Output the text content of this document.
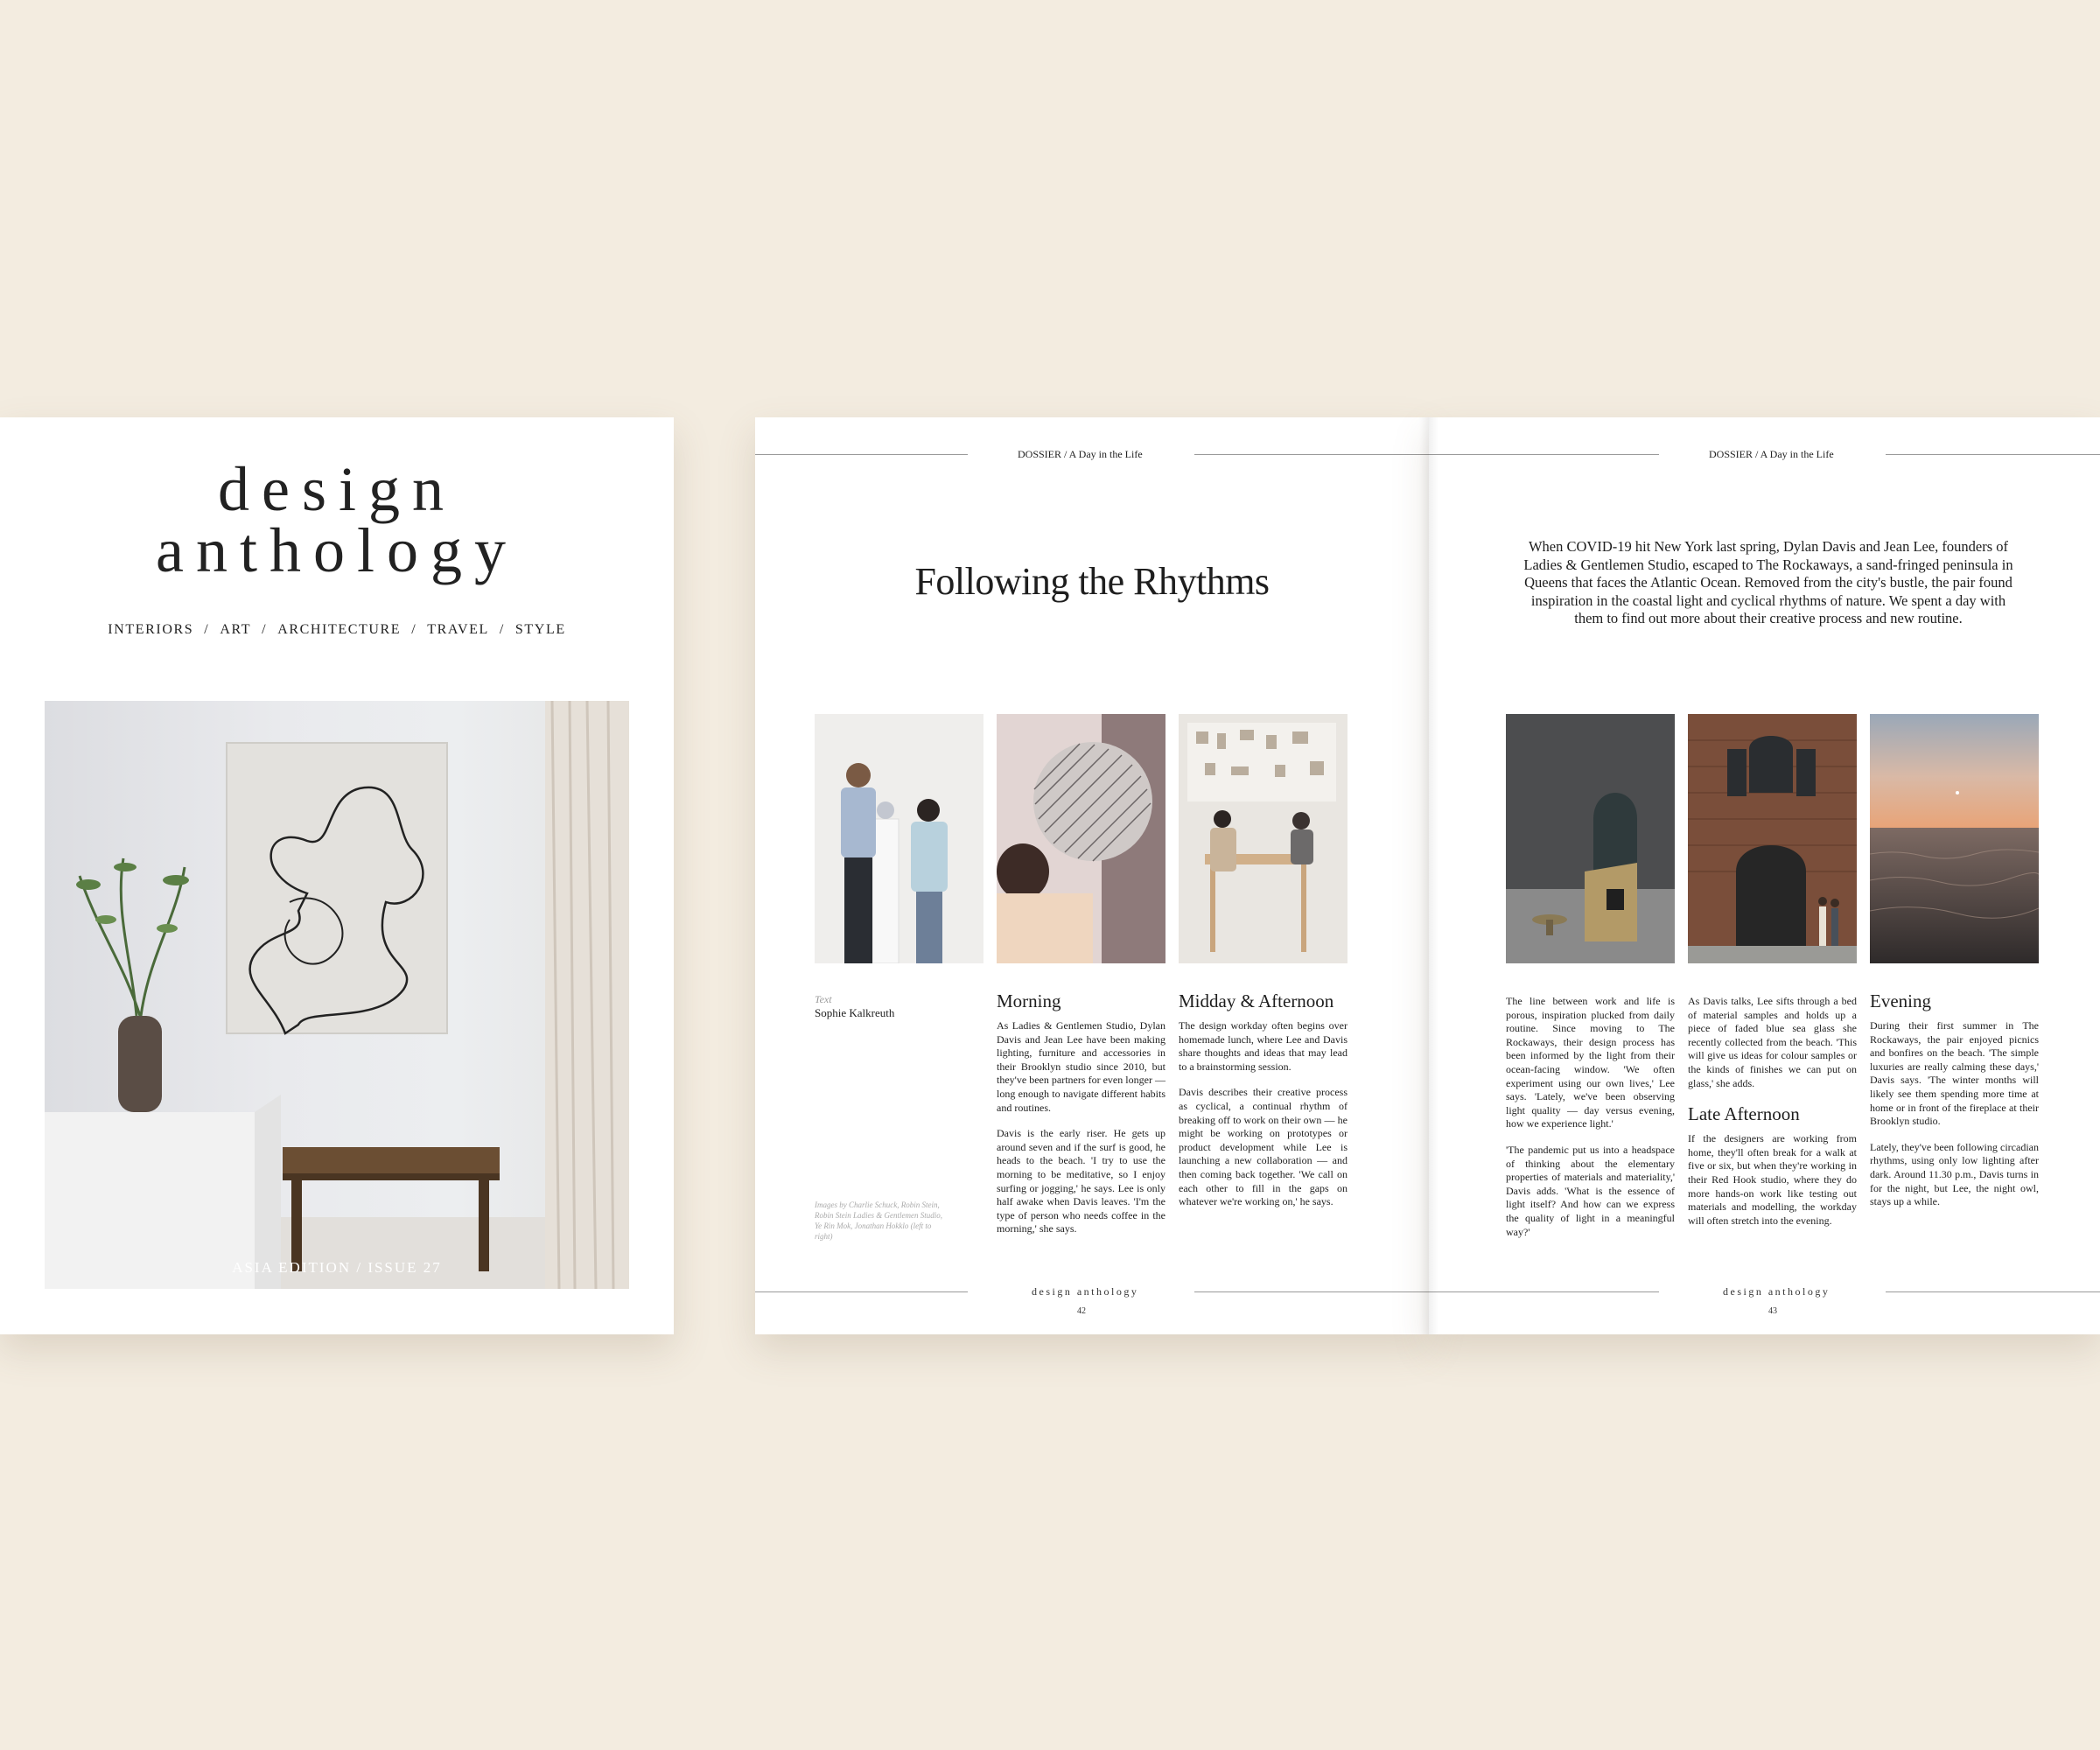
design
anthology
INTERIORS / ART / ARCHITECTURE / TRAVEL / STYLE
ASIA EDITION / ISSUE 27
DOSSIER / A Day in the Life
Following the Rhythms
Text
Sophie Kalkreuth
Images by Charlie Schuck, Robin Stein, Robin Stein Ladies & Gentlemen Studio, Ye Rin Mok, Jonathan Hokklo (left to right)
Morning

As Ladies & Gentlemen Studio, Dylan Davis and Jean Lee have been making lighting, furniture and accessories in their Brooklyn studio since 2010, but they've been partners for even longer — long enough to navigate different habits and routines.

Davis is the early riser. He gets up around seven and if the surf is good, he heads to the beach. 'I try to use the morning to be meditative, so I enjoy surfing or jogging,' he says. Lee is only half awake when Davis leaves. 'I'm the type of person who needs coffee in the morning,' she says.

Midday & Afternoon

The design workday often begins over homemade lunch, where Lee and Davis share thoughts and ideas that may lead to a brainstorming session.

Davis describes their creative process as cyclical, a continual rhythm of breaking off to work on their own — he might be working on prototypes or product development while Lee is launching a new collaboration — and then coming back together. 'We call on each other to fill in the gaps on whatever we're working on,' he says.

design anthology
42
DOSSIER / A Day in the Life
When COVID-19 hit New York last spring, Dylan Davis and Jean Lee, founders of Ladies & Gentlemen Studio, escaped to The Rockaways, a sand-fringed peninsula in Queens that faces the Atlantic Ocean. Removed from the city's bustle, the pair found inspiration in the coastal light and cyclical rhythms of nature. We spent a day with them to find out more about their creative process and new routine.

The line between work and life is porous, inspiration plucked from daily routine. Since moving to The Rockaways, their design process has been informed by the light from their ocean-facing window. 'We often experiment using our own lives,' Lee says. 'Lately, we've been observing light quality — day versus evening, how we experience light.'

'The pandemic put us into a headspace of thinking about the elementary properties of materials and materiality,' Davis adds. 'What is the essence of light itself? And how can we express the quality of light in a meaningful way?'

As Davis talks, Lee sifts through a bed of material samples and holds up a piece of faded blue sea glass she recently collected from the beach. 'This will give us ideas for colour samples or the kinds of finishes we can put on glass,' she adds.

Late Afternoon

If the designers are working from home, they'll often break for a walk at five or six, but when they're working in their Red Hook studio, where they do more hands-on work like testing out materials and modelling, the workday will often stretch into the evening.

Evening

During their first summer in The Rockaways, the pair enjoyed picnics and bonfires on the beach. 'The simple luxuries are really calming these days,' Davis says. 'The winter months will likely see them spending more time at home or in front of the fireplace at their Brooklyn studio.

Lately, they've been following circadian rhythms, using only low lighting after dark. Around 11.30 p.m., Davis turns in for the night, but Lee, the night owl, stays up a while.

design anthology
43
